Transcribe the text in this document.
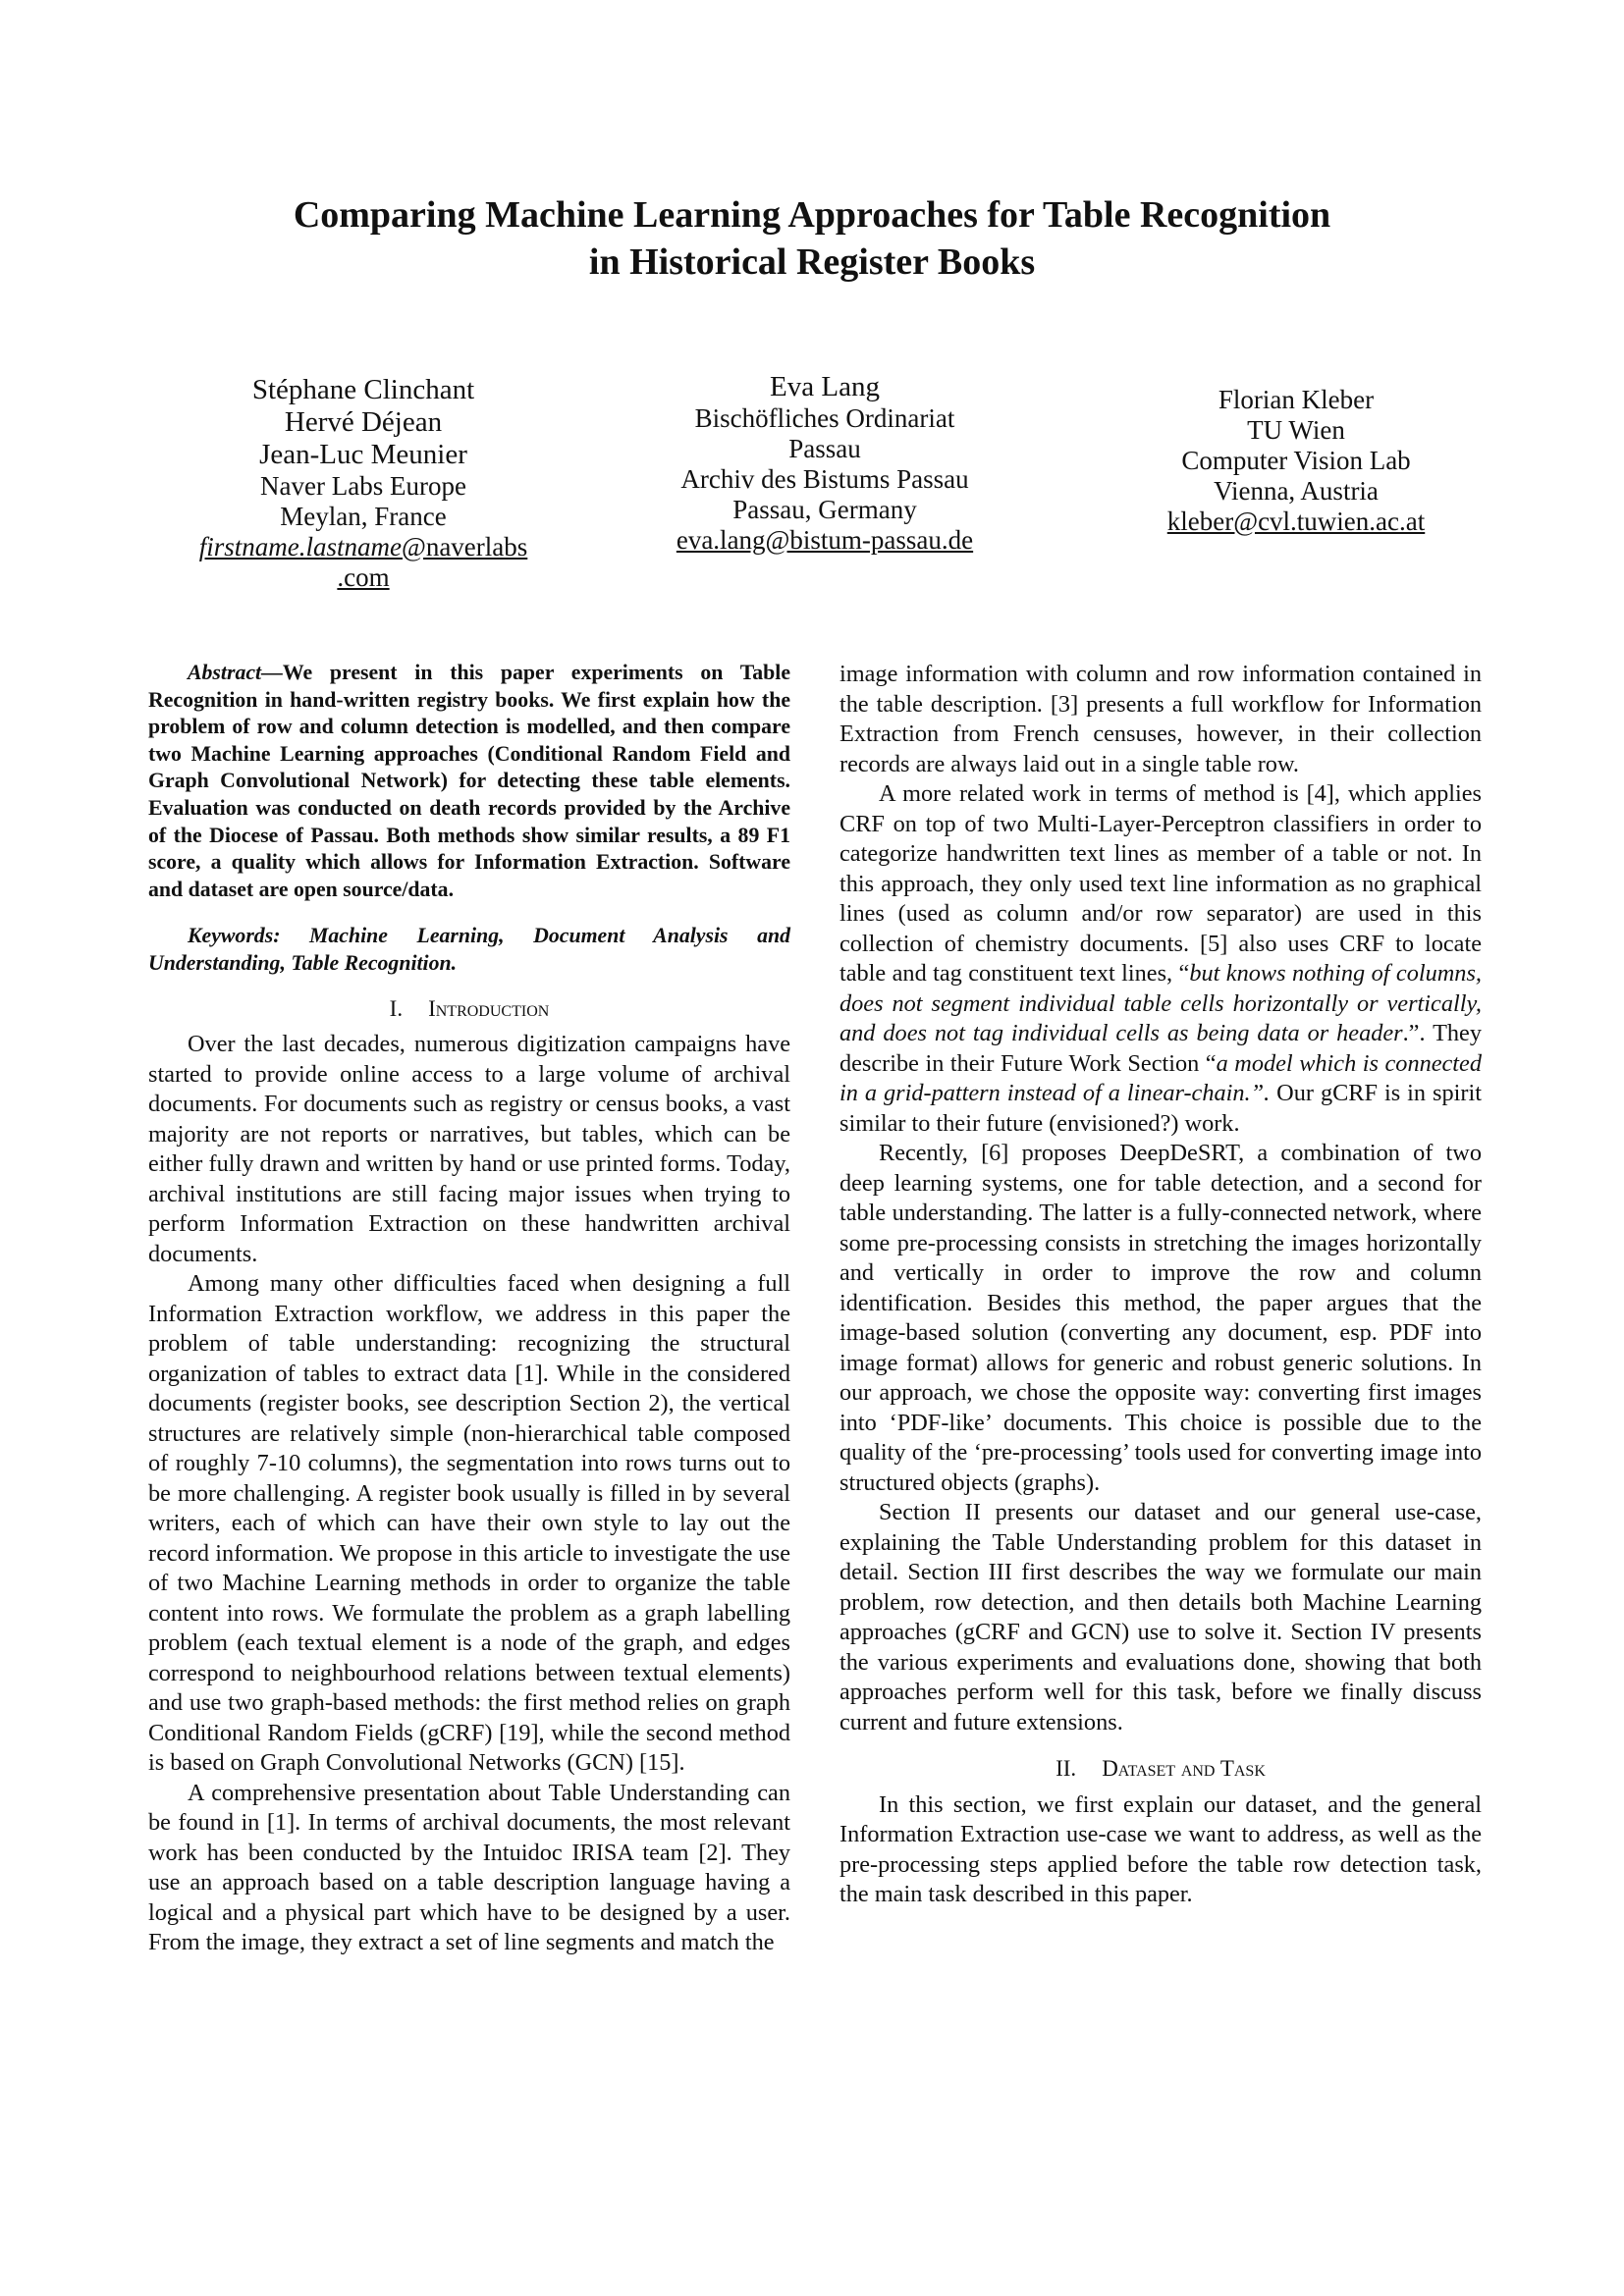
Comparing Machine Learning Approaches for Table Recognition
in Historical Register Books
Stéphane Clinchant
Hervé Déjean
Jean-Luc Meunier
Naver Labs Europe
Meylan, France
firstname.lastname@naverlabs
.com
Eva Lang
Bischöfliches Ordinariat
Passau
Archiv des Bistums Passau
Passau, Germany
eva.lang@bistum-passau.de
Florian Kleber
TU Wien
Computer Vision Lab
Vienna, Austria
kleber@cvl.tuwien.ac.at

Abstract—We present in this paper experiments on Table Recognition in hand-written registry books. We first explain how the problem of row and column detection is modelled, and then compare two Machine Learning approaches (Conditional Random Field and Graph Convolutional Network) for detecting these table elements. Evaluation was conducted on death records provided by the Archive of the Diocese of Passau. Both methods show similar results, a 89 F1 score, a quality which allows for Information Extraction. Software and dataset are open source/data.

Keywords: Machine Learning, Document Analysis and Understanding, Table Recognition.

I. Introduction

Over the last decades, numerous digitization campaigns have started to provide online access to a large volume of archival documents. For documents such as registry or census books, a vast majority are not reports or narratives, but tables, which can be either fully drawn and written by hand or use printed forms. Today, archival institutions are still facing major issues when trying to perform Information Extraction on these handwritten archival documents.

Among many other difficulties faced when designing a full Information Extraction workflow, we address in this paper the problem of table understanding: recognizing the structural organization of tables to extract data [1]. While in the considered documents (register books, see description Section 2), the vertical structures are relatively simple (non-hierarchical table composed of roughly 7-10 columns), the segmentation into rows turns out to be more challenging. A register book usually is filled in by several writers, each of which can have their own style to lay out the record information. We propose in this article to investigate the use of two Machine Learning methods in order to organize the table content into rows. We formulate the problem as a graph labelling problem (each textual element is a node of the graph, and edges correspond to neighbourhood relations between textual elements) and use two graph-based methods: the first method relies on graph Conditional Random Fields (gCRF) [19], while the second method is based on Graph Convolutional Networks (GCN) [15].

A comprehensive presentation about Table Understanding can be found in [1]. In terms of archival documents, the most relevant work has been conducted by the Intuidoc IRISA team [2]. They use an approach based on a table description language having a logical and a physical part which have to be designed by a user. From the image, they extract a set of line segments and match the

image information with column and row information contained in the table description. [3] presents a full workflow for Information Extraction from French censuses, however, in their collection records are always laid out in a single table row.

A more related work in terms of method is [4], which applies CRF on top of two Multi-Layer-Perceptron classifiers in order to categorize handwritten text lines as member of a table or not. In this approach, they only used text line information as no graphical lines (used as column and/or row separator) are used in this collection of chemistry documents. [5] also uses CRF to locate table and tag constituent text lines, “but knows nothing of columns, does not segment individual table cells horizontally or vertically, and does not tag individual cells as being data or header.”. They describe in their Future Work Section “a model which is connected in a grid-pattern instead of a linear-chain.”. Our gCRF is in spirit similar to their future (envisioned?) work.

Recently, [6] proposes DeepDeSRT, a combination of two deep learning systems, one for table detection, and a second for table understanding. The latter is a fully-connected network, where some pre-processing consists in stretching the images horizontally and vertically in order to improve the row and column identification. Besides this method, the paper argues that the image-based solution (converting any document, esp. PDF into image format) allows for generic and robust generic solutions. In our approach, we chose the opposite way: converting first images into ‘PDF-like’ documents. This choice is possible due to the quality of the ‘pre-processing’ tools used for converting image into structured objects (graphs).

Section II presents our dataset and our general use-case, explaining the Table Understanding problem for this dataset in detail. Section III first describes the way we formulate our main problem, row detection, and then details both Machine Learning approaches (gCRF and GCN) use to solve it. Section IV presents the various experiments and evaluations done, showing that both approaches perform well for this task, before we finally discuss current and future extensions.

II. Dataset and Task

In this section, we first explain our dataset, and the general Information Extraction use-case we want to address, as well as the pre-processing steps applied before the table row detection task, the main task described in this paper.
